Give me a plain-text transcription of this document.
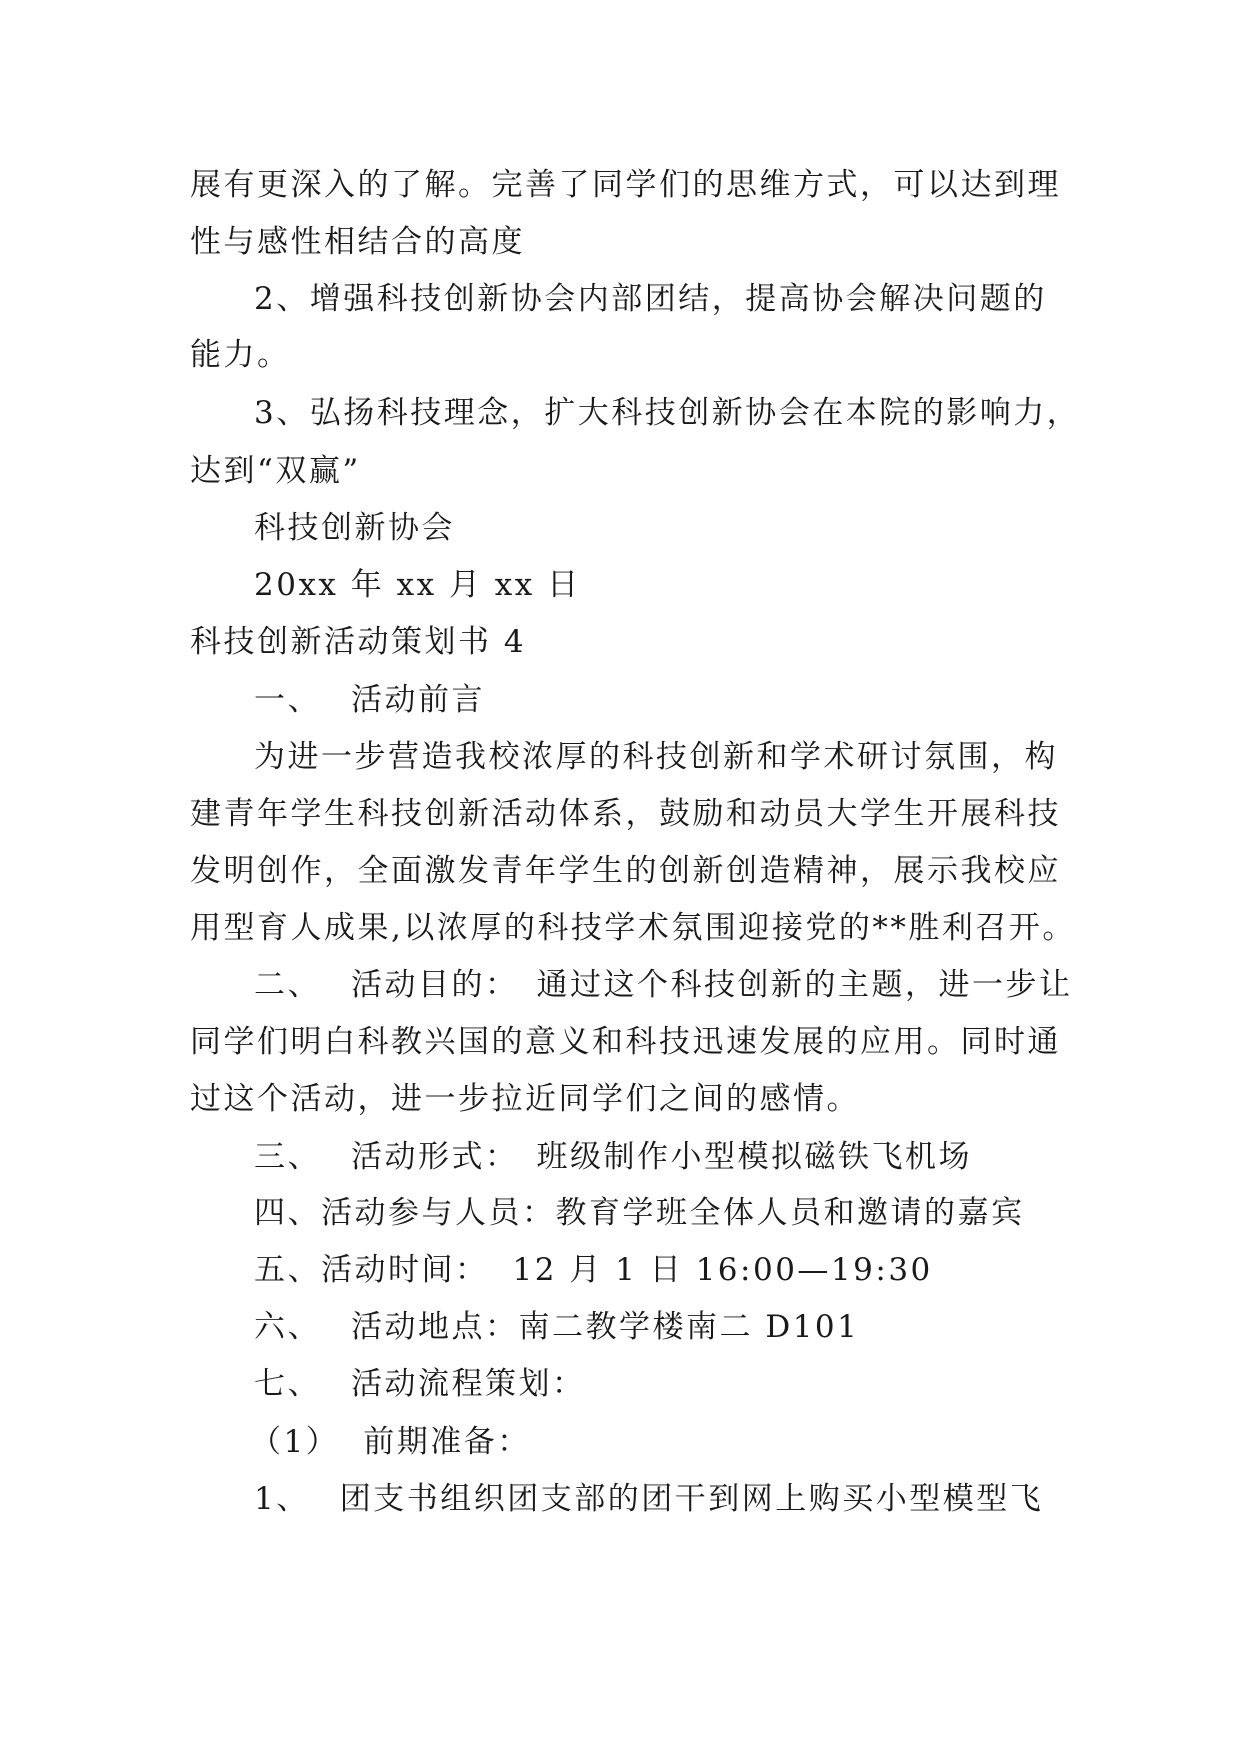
展有更深入的了解。完善了同学们的思维方式，可以达到理
性与感性相结合的高度
2、增强科技创新协会内部团结，提高协会解决问题的
能力。
3、弘扬科技理念，扩大科技创新协会在本院的影响力，
达到“双赢”
科技创新协会
20xx 年 xx 月 xx 日
科技创新活动策划书 4
一、 活动前言
为进一步营造我校浓厚的科技创新和学术研讨氛围，构
建青年学生科技创新活动体系，鼓励和动员大学生开展科技
发明创作，全面激发青年学生的创新创造精神，展示我校应
用型育人成果,以浓厚的科技学术氛围迎接党的**胜利召开。
二、 活动目的： 通过这个科技创新的主题，进一步让
同学们明白科教兴国的意义和科技迅速发展的应用。同时通
过这个活动，进一步拉近同学们之间的感情。
三、 活动形式： 班级制作小型模拟磁铁飞机场
四、活动参与人员：教育学班全体人员和邀请的嘉宾
五、活动时间： 12 月 1 日 16:00—19:30
六、 活动地点：南二教学楼南二 D101
七、 活动流程策划：
（1） 前期准备：
1、 团支书组织团支部的团干到网上购买小型模型飞
